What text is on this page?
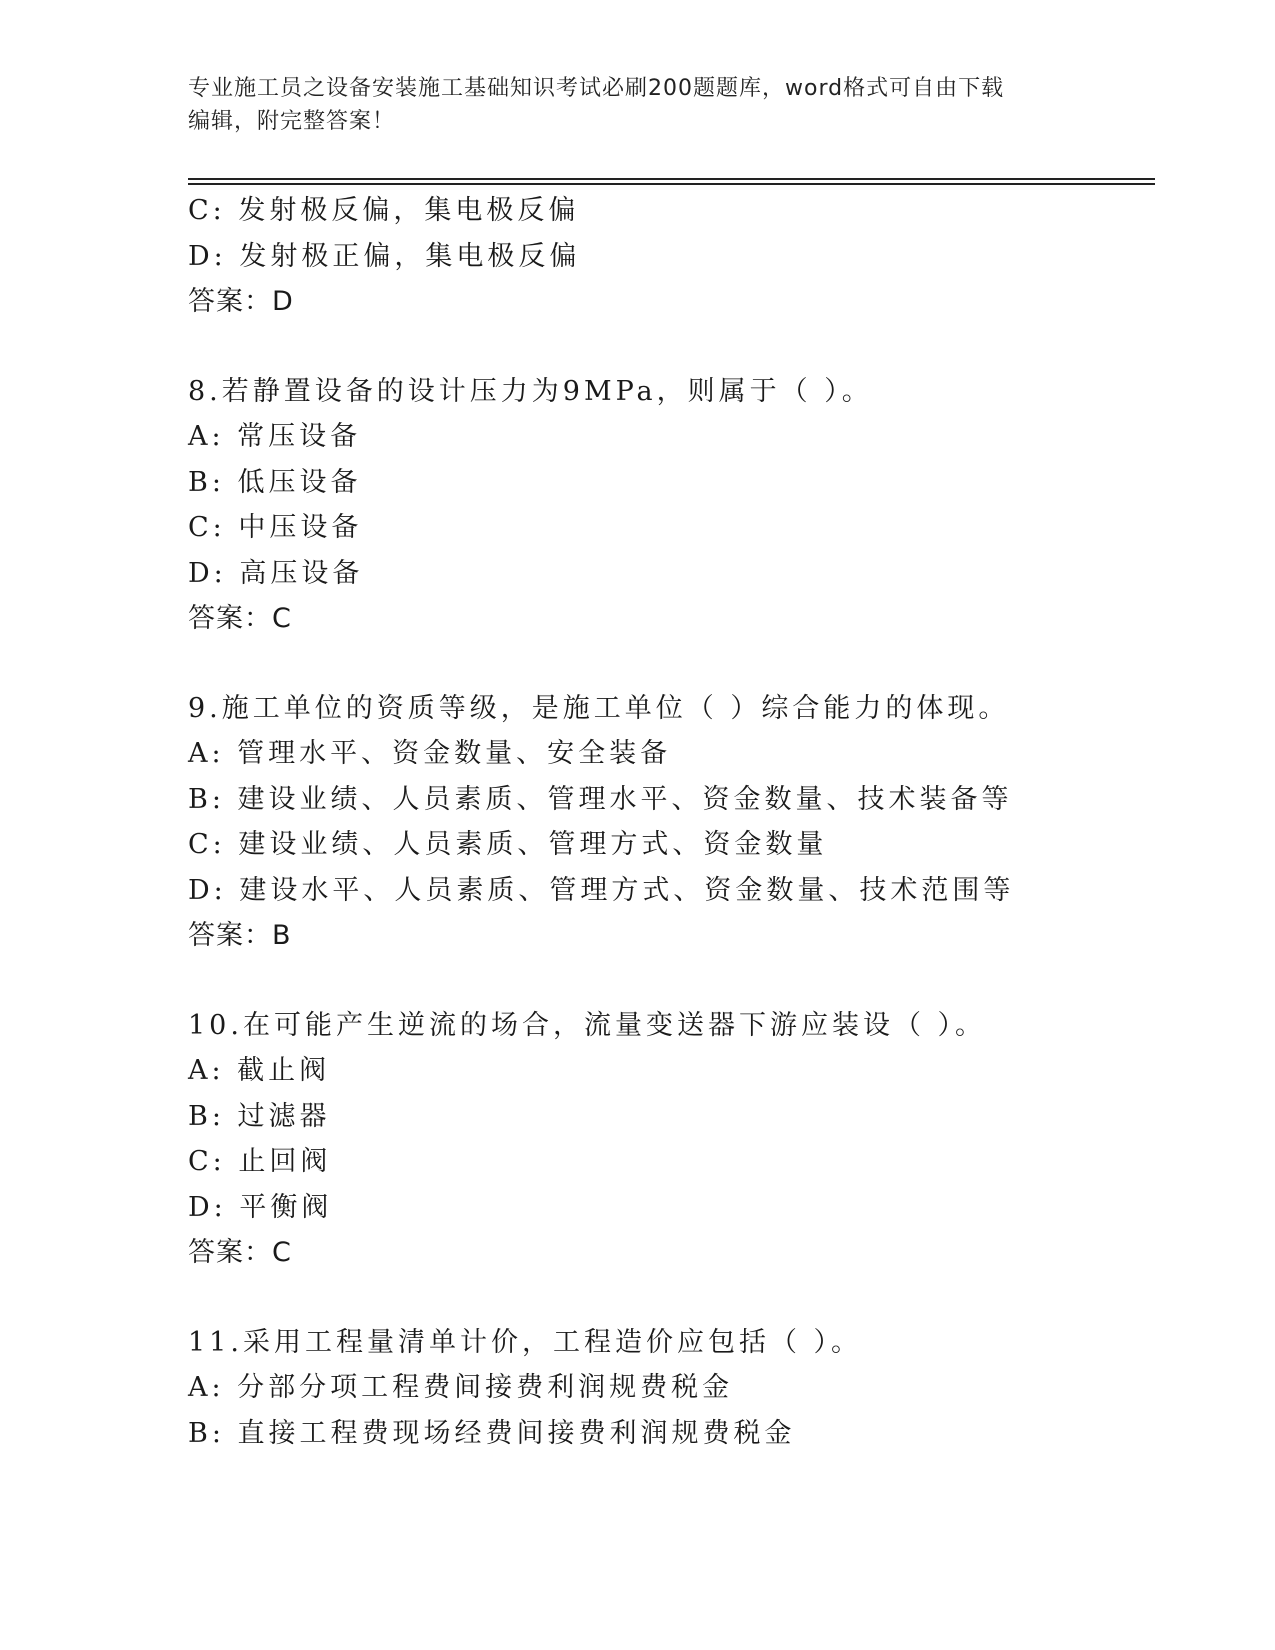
专业施工员之设备安装施工基础知识考试必刷200题题库，word格式可自由下载
编辑，附完整答案！
C: 发射极反偏，集电极反偏
D: 发射极正偏，集电极反偏
答案：D
8.若静置设备的设计压力为9MPa，则属于（ ）。
A: 常压设备
B: 低压设备
C: 中压设备
D: 高压设备
答案：C
9.施工单位的资质等级，是施工单位（ ）综合能力的体现。
A: 管理水平、资金数量、安全装备
B: 建设业绩、人员素质、管理水平、资金数量、技术装备等
C: 建设业绩、人员素质、管理方式、资金数量
D: 建设水平、人员素质、管理方式、资金数量、技术范围等
答案：B
10.在可能产生逆流的场合，流量变送器下游应装设（ ）。
A: 截止阀
B: 过滤器
C: 止回阀
D: 平衡阀
答案：C
11.采用工程量清单计价，工程造价应包括（ ）。
A: 分部分项工程费间接费利润规费税金
B: 直接工程费现场经费间接费利润规费税金
